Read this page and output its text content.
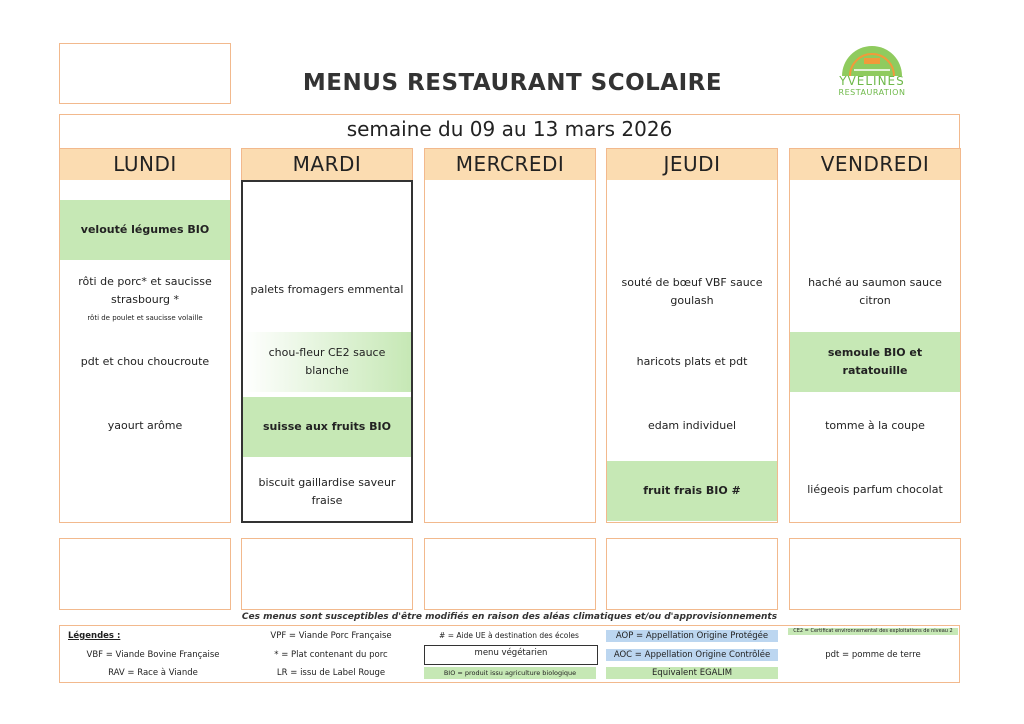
MENUS RESTAURANT SCOLAIRE	YVELINES
RESTAURATION
semaine du 09 au 13 mars 2026
LUNDI
velouté légumes BIO
rôti de porc* et saucisse strasbourg *
rôti de poulet et saucisse volaille
pdt et chou choucroute
yaourt arôme
MARDI
palets fromagers emmental
chou-fleur CE2 sauce blanche
suisse aux fruits BIO
biscuit gaillardise saveur fraise
MERCREDI	JEUDI
souté de bœuf VBF sauce goulash
haricots plats et pdt
edam individuel
fruit frais BIO #
VENDREDI
haché au saumon sauce citron
semoule BIO et ratatouille
tomme à la coupe
liégeois parfum chocolat
Ces menus sont susceptibles d'être modifiés en raison des aléas climatiques et/ou d'approvisionnements
Légendes :
VBF = Viande Bovine Française
RAV = Race à Viande
VPF = Viande Porc Française
* = Plat contenant du porc
LR = issu de Label Rouge
# = Aide UE à destination des écoles
menu végétarien
BIO = produit issu agriculture biologique
AOP = Appellation Origine Protégée
AOC = Appellation Origine Contrôlée
Equivalent EGALIM
CE2 = Certificat environnemental des exploitations de niveau 2
pdt = pomme de terre
